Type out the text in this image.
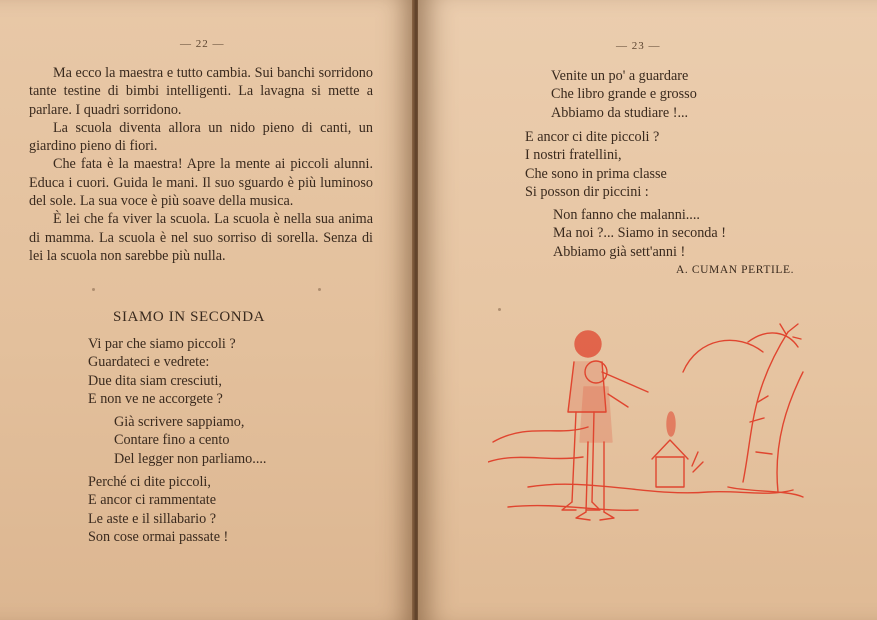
— 22 —

Ma ecco la maestra e tutto cambia. Sui banchi sorridono tante testine di bimbi intelligenti. La lavagna si mette a parlare. I quadri sorridono.

La scuola diventa allora un nido pieno di canti, un giardino pieno di fiori.

Che fata è la maestra! Apre la mente ai piccoli alunni. Educa i cuori. Guida le mani. Il suo sguardo è più luminoso del sole. La sua voce è più soave della musica.

È lei che fa viver la scuola. La scuola è nella sua anima di mamma. La scuola è nel suo sorriso di sorella. Senza di lei la scuola non sarebbe più nulla.

SIAMO IN SECONDA
Vi par che siamo piccoli ?
Guardateci e vedrete:
Due dita siam cresciuti,
E non ve ne accorgete ?
Già scrivere sappiamo,
Contare fino a cento
Del legger non parliamo....
Perché ci dite piccoli,
E ancor ci rammentate
Le aste e il sillabario ?
Son cose ormai passate !
— 23 —
Venite un po' a guardare
Che libro grande e grosso
Abbiamo da studiare !...
E ancor ci dite piccoli ?
I nostri fratellini,
Che sono in prima classe
Si posson dir piccini :
Non fanno che malanni....
Ma noi ?... Siamo in seconda !
Abbiamo già sett'anni !
A. CUMAN PERTILE.
